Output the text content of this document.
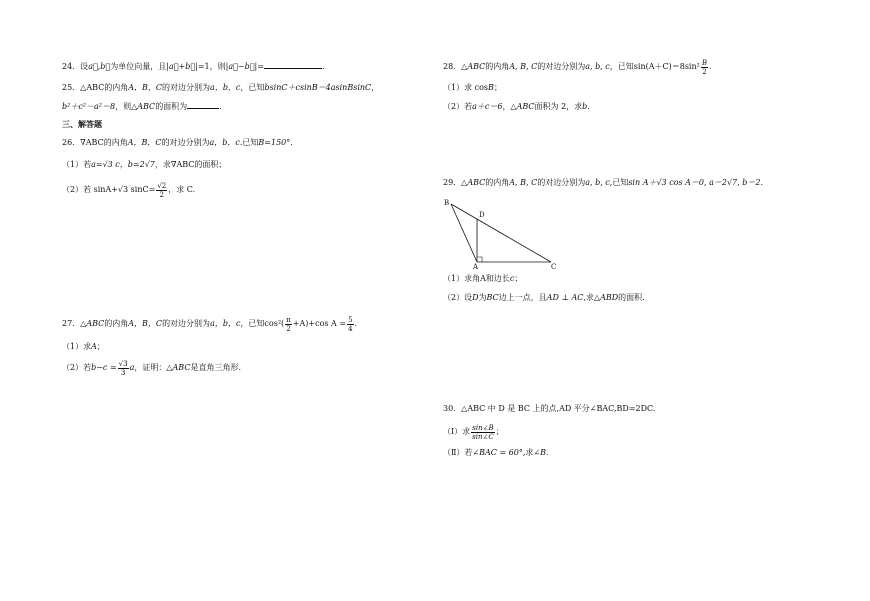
24．设a⃗,b⃗为单位向量，且|a⃗+b⃗|=1，则|a⃗−b⃗|=	.
25．△ABC的内角A，B，C的对边分别为a，b，c，已知bsinC＋csinB＝4asinBsinC，
b²＋c²－a²＝8，则△ABC的面积为	．
三、解答题
26．∇ABC的内角A，B，C的对边分别为a，b，c.已知B=150°.
（1）若a=√3 c，b=2√7，求∇ABC的面积；
（2）若 sinA+√3 $\sin C= \frac{√2}{2}$ ，求 C.
27．△ABC的内角A，B，C的对边分别为a，b，c，已知$\cos^2( \frac{\pi}{2} +A)+\cos$ $A = \frac{5}{4}$ .
（1）求A；
（2）若$b-c = \frac{√3}{3}$ a，证明：△ABC是直角三角形.
28．△ABC的内角A, B, C的对边分别为a, b, c，已知$\sin(A+C)=8\sin^2 \frac{B}{2}$ .
（1）求 cosB；
（2）若a＋c＝6，△ABC面积为 2，求b.
29．△ABC的内角A, B, C的对边分别为a, b, c,已知sin A＋√3 cos A＝0, a＝2√7, b＝2.
B
D
A	C
（1）求角A和边长c；
（2）设D为BC边上一点，且AD ⊥ AC,求△ABD的面积.
30．△ABC 中 D 是 BC 上的点,AD 平分∠BAC,BD=2DC.
（Ⅰ）求 $\frac{\sin\angle B}{\sin\angle C}$ ；
（Ⅱ）若∠BAC = 60°,求∠B.
